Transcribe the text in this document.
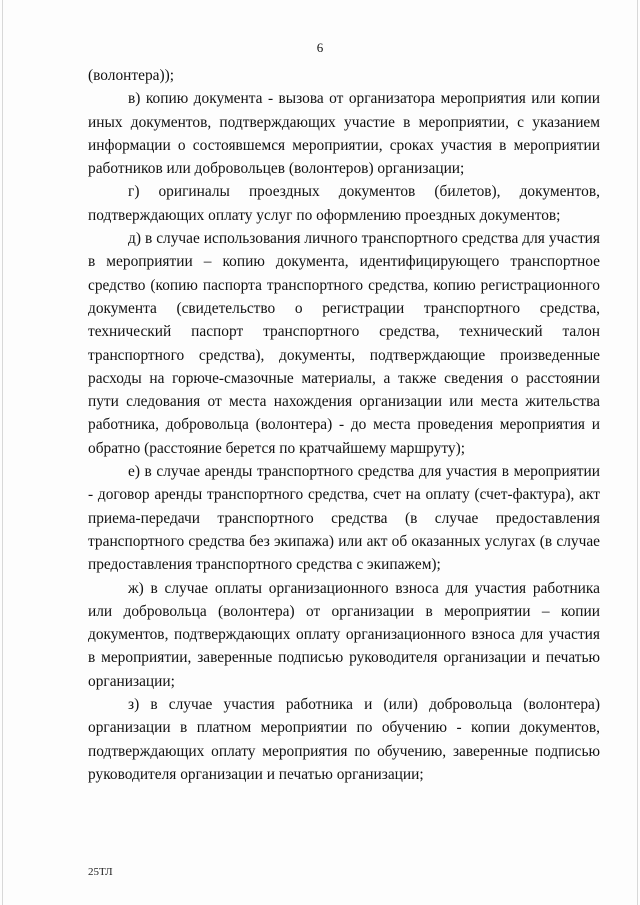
6

(волонтера));

в) копию документа - вызова от организатора мероприятия или копии иных документов, подтверждающих участие в мероприятии, с указанием информации о состоявшемся мероприятии, сроках участия в мероприятии работников или добровольцев (волонтеров) организации;

г) оригиналы проездных документов (билетов), документов, подтверждающих оплату услуг по оформлению проездных документов;

д) в случае использования личного транспортного средства для участия в мероприятии – копию документа, идентифицирующего транспортное средство (копию паспорта транспортного средства, копию регистрационного документа (свидетельство о регистрации транспортного средства, технический паспорт транспортного средства, технический талон транспортного средства), документы, подтверждающие произведенные расходы на горюче-смазочные материалы, а также сведения о расстоянии пути следования от места нахождения организации или места жительства работника, добровольца (волонтера) - до места проведения мероприятия и обратно (расстояние берется по кратчайшему маршруту);

е) в случае аренды транспортного средства для участия в мероприятии - договор аренды транспортного средства, счет на оплату (счет-фактура), акт приема-передачи транспортного средства (в случае предоставления транспортного средства без экипажа) или акт об оказанных услугах (в случае предоставления транспортного средства с экипажем);

ж) в случае оплаты организационного взноса для участия работника или добровольца (волонтера) от организации в мероприятии – копии документов, подтверждающих оплату организационного взноса для участия в мероприятии, заверенные подписью руководителя организации и печатью организации;

з) в случае участия работника и (или) добровольца (волонтера) организации в платном мероприятии по обучению - копии документов, подтверждающих оплату мероприятия по обучению, заверенные подписью руководителя организации и печатью организации;

25ТЛ
